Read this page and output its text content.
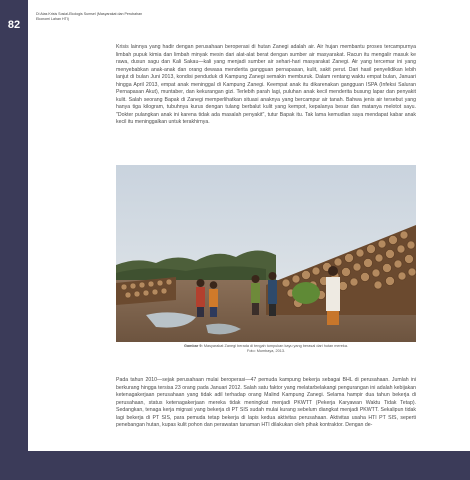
82
Di Atas Krisis Sosial-Ekologis Sumsel (Masyarakat dan Perubahan Ekonomi Lahan HTI)

Krisis lainnya yang hadir dengan perusahaan beroperasi di hutan Zanegi adalah air. Air hujan membantu proses tercampurnya limbah pupuk kimia dan limbah minyak mesin dari alat-alat berat dengan sumber air masyarakat. Racun itu mengalir masuk ke rawa, dusun sagu dan Kali Sakau—kali yang menjadi sumber air sehari-hari masyarakat Zanegi. Air yang tercemar ini yang menyebabkan anak-anak dan orang dewasa menderita gangguan pernapasan, kulit, sakit perut. Dari hasil penyelidikan lebih lanjut di bulan Juni 2013, kondisi penduduk di Kampung Zanegi semakin memburuk. Dalam rentang waktu empat bulan, Januari hingga April 2013, empat anak meninggal di Kampung Zanegi. Keempat anak itu dikarenakan gangguan ISPA (Infeksi Saluran Pernapasan Akut), muntaber, dan kekurangan gizi. Terlebih parah lagi, puluhan anak kecil menderita busung lapar dan penyakit kulit. Salah seorang Bapak di Zanegi memperlihatkan situasi anaknya yang bercampur air tanah. Bahwa jenis air tersebut yang hanya tiga kilogram, tubuhnya kurus dengan tulang berbalut kulit yang kempot, kepalanya besar dan matanya melotot sayu. "Dokter pulangkan anak ini karena tidak ada masalah penyakit", tutur Bapak itu. Tak lama kemudian saya mendapat kabar anak kecil itu meninggalkan untuk terakhirnya.

Gambar 9: Masyarakat Zanegi berada di tengah tumpukan kayu yang berasal dari hutan mereka.
Foto: Mumbaya, 2013.

Pada tahun 2010—sejak perusahaan mulai beroperasi—47 pemuda kampung bekerja sebagai BHL di perusahaan. Jumlah ini berkurang hingga tersisa 23 orang pada Januari 2012. Salah satu faktor yang melatarbelakangi pengurangan ini adalah kebijakan ketenagakerjaan perusahaan yang tidak adil terhadap orang Malind Kampung Zanegi. Selama hampir dua tahun bekerja di perusahaan, status ketenagakerjaan mereka tidak meningkat menjadi PKWTT (Pekerja Karyawan Waktu Tidak Tetap). Sedangkan, tenaga kerja migrasi yang bekerja di PT SIS sudah mulai kurang sebelum diangkat menjadi PKWTT. Sekalipun tidak lagi bekerja di PT SIS, para pemuda tetap bekerja di lapis kedua aktivitas perusahaan. Aktivitas usaha HTI PT SIS, seperti penebangan hutan, kupas kulit pohon dan perawatan tanaman HTI dilakukan oleh pihak kontraktor. Dengan de-
